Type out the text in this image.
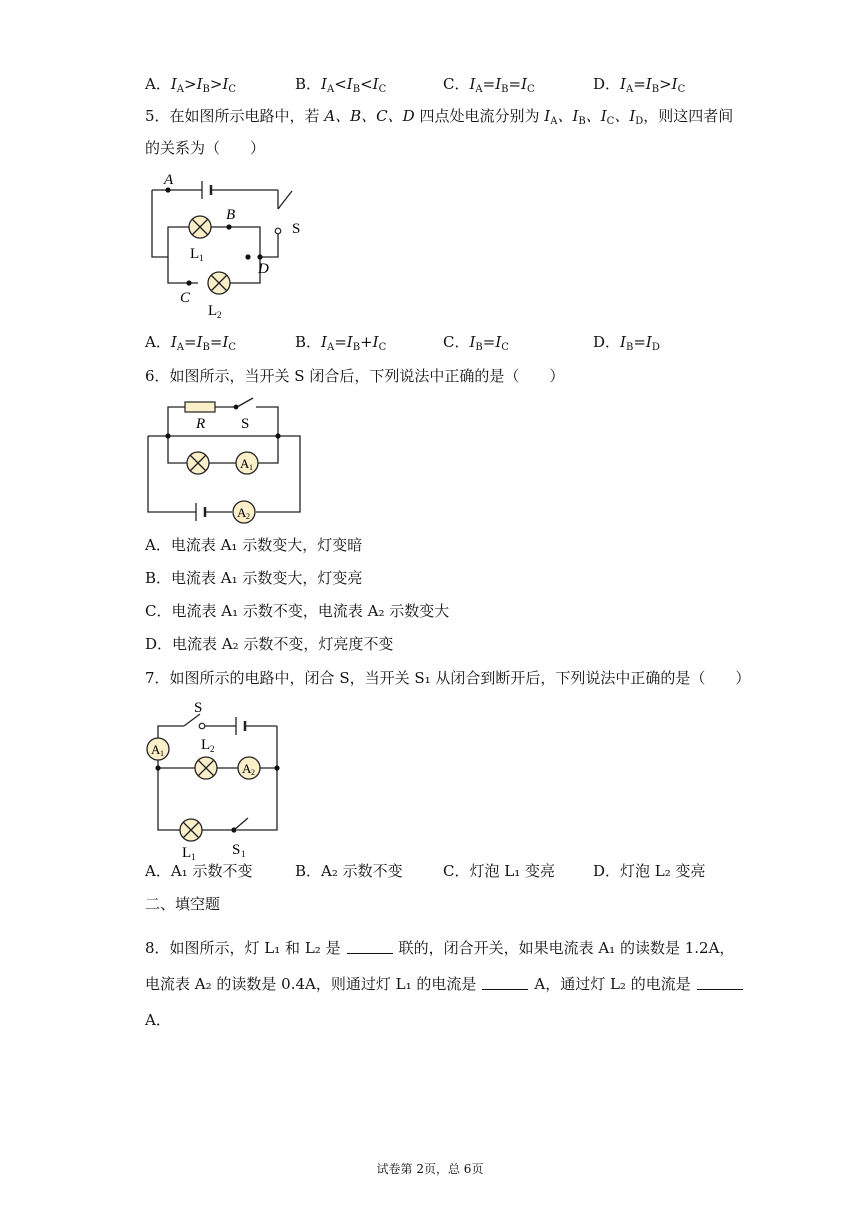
A．$I_A>I_B>I_C$	B．$I_A<I_B<I_C$	C．$I_A=I_B=I_C$	D．$I_A=I_B>I_C$
5．在如图所示电路中，若 A、B、C、D 四点处电流分别为 $I_A$、$I_B$、$I_C$、$I_D$，则这四者间
的关系为（　　）
A
B
C
D
S
L 1
L 2
A．$I_A=I_B=I_C$	B．$I_A=I_B+I_C$	C．$I_B=I_C$	D．$I_B=I_D$
6．如图所示，当开关 S 闭合后，下列说法中正确的是（　　）
A 1
A 2
R S
A．电流表 A₁ 示数变大，灯变暗
B．电流表 A₁ 示数变大，灯变亮
C．电流表 A₁ 示数不变，电流表 A₂ 示数变大
D．电流表 A₂ 示数不变，灯亮度不变
7．如图所示的电路中，闭合 S，当开关 S₁ 从闭合到断开后，下列说法中正确的是（　　）
A 1
A 2
S
L 2
L 1 S 1
A．A₁ 示数不变	B．A₂ 示数不变	C．灯泡 L₁ 变亮	D．灯泡 L₂ 变亮
二、填空题
8．如图所示，灯 L₁ 和 L₂ 是	联的，闭合开关，如果电流表 A₁ 的读数是 1.2A，
电流表 A₂ 的读数是 0.4A，则通过灯 L₁ 的电流是	A，通过灯 L₂ 的电流是
A．
试卷第 2页，总 6页
